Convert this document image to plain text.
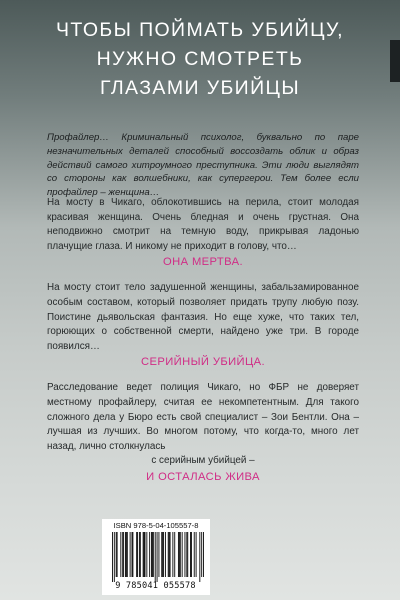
ЧТОБЫ ПОЙМАТЬ УБИЙЦУ,
НУЖНО СМОТРЕТЬ
ГЛАЗАМИ УБИЙЦЫ
Профайлер… Криминальный психолог, буквально по паре незначительных деталей способный воссоздать облик и образ действий самого хитроумного преступника. Эти люди выглядят со стороны как волшебники, как супергерои. Тем более если профайлер – женщина…

На мосту в Чикаго, облокотившись на перила, стоит молодая красивая женщина. Очень бледная и очень грустная. Она неподвижно смотрит на темную воду, прикрывая ладонью плачущие глаза. И никому не приходит в голову, что…

ОНА МЕРТВА.

На мосту стоит тело задушенной женщины, забальзамированное особым составом, который позволяет придать трупу любую позу. Поистине дьявольская фантазия. Но еще хуже, что таких тел, горюющих о собственной смерти, найдено уже три. В городе появился…

СЕРИЙНЫЙ УБИЙЦА.

Расследование ведет полиция Чикаго, но ФБР не доверяет местному профайлеру, считая ее некомпетентным. Для такого сложного дела у Бюро есть свой специалист – Зои Бентли. Она – лучшая из лучших. Во многом потому, что когда-то, много лет назад, лично столкнулась

с серийным убийцей –

И ОСТАЛАСЬ ЖИВА

ISBN 978-5-04-105557-8
9 785041 055578
